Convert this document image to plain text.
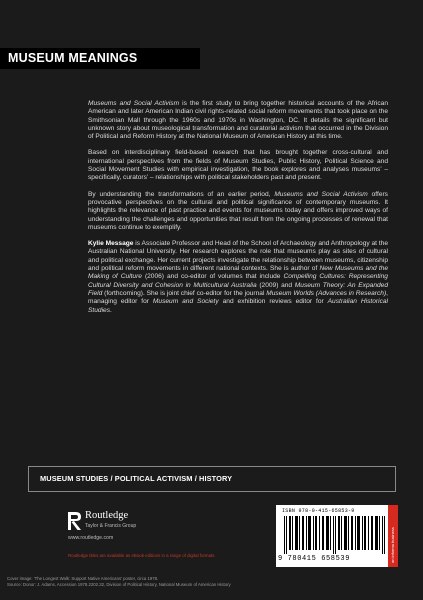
MUSEUM MEANINGS

Museums and Social Activism is the first study to bring together historical accounts of the African American and later American Indian civil rights-related social reform movements that took place on the Smithsonian Mall through the 1960s and 1970s in Washington, DC. It details the significant but unknown story about museological transformation and curatorial activism that occurred in the Division of Political and Reform History at the National Museum of American History at this time.

Based on interdisciplinary field-based research that has brought together cross-cultural and international perspectives from the fields of Museum Studies, Public History, Political Science and Social Movement Studies with empirical investigation, the book explores and analyses museums’ – specifically, curators’ – relationships with political stakeholders past and present.

By understanding the transformations of an earlier period, Museums and Social Activism offers provocative perspectives on the cultural and political significance of contemporary museums. It highlights the relevance of past practice and events for museums today and offers improved ways of understanding the challenges and opportunities that result from the ongoing processes of renewal that museums continue to exemplify.

Kylie Message is Associate Professor and Head of the School of Archaeology and Anthropology at the Australian National University. Her research explores the role that museums play as sites of cultural and political exchange. Her current projects investigate the relationship between museums, citizenship and political reform movements in different national contexts. She is author of New Museums and the Making of Culture (2006) and co-editor of volumes that include Compelling Cultures: Representing Cultural Diversity and Cohesion in Multicultural Australia (2009) and Museum Theory: An Expanded Field (forthcoming). She is joint chief co-editor for the journal Museum Worlds (Advances in Research), managing editor for Museum and Society and exhibition reviews editor for Australian Historical Studies.

MUSEUM STUDIES / POLITICAL ACTIVISM / HISTORY
Routledge
Taylor & Francis Group
www.routledge.com
Routledge titles are available as eBook editions in a range of digital formats
ISBN 978-0-415-65853-9
9 780415 658539	an informa business
Cover image: 'The Longest Walk: Support Native Americans' poster, circa 1978.
Source: Donor: J. Adams, Accession 1978.2202.32, Division of Political History, National Museum of American History
